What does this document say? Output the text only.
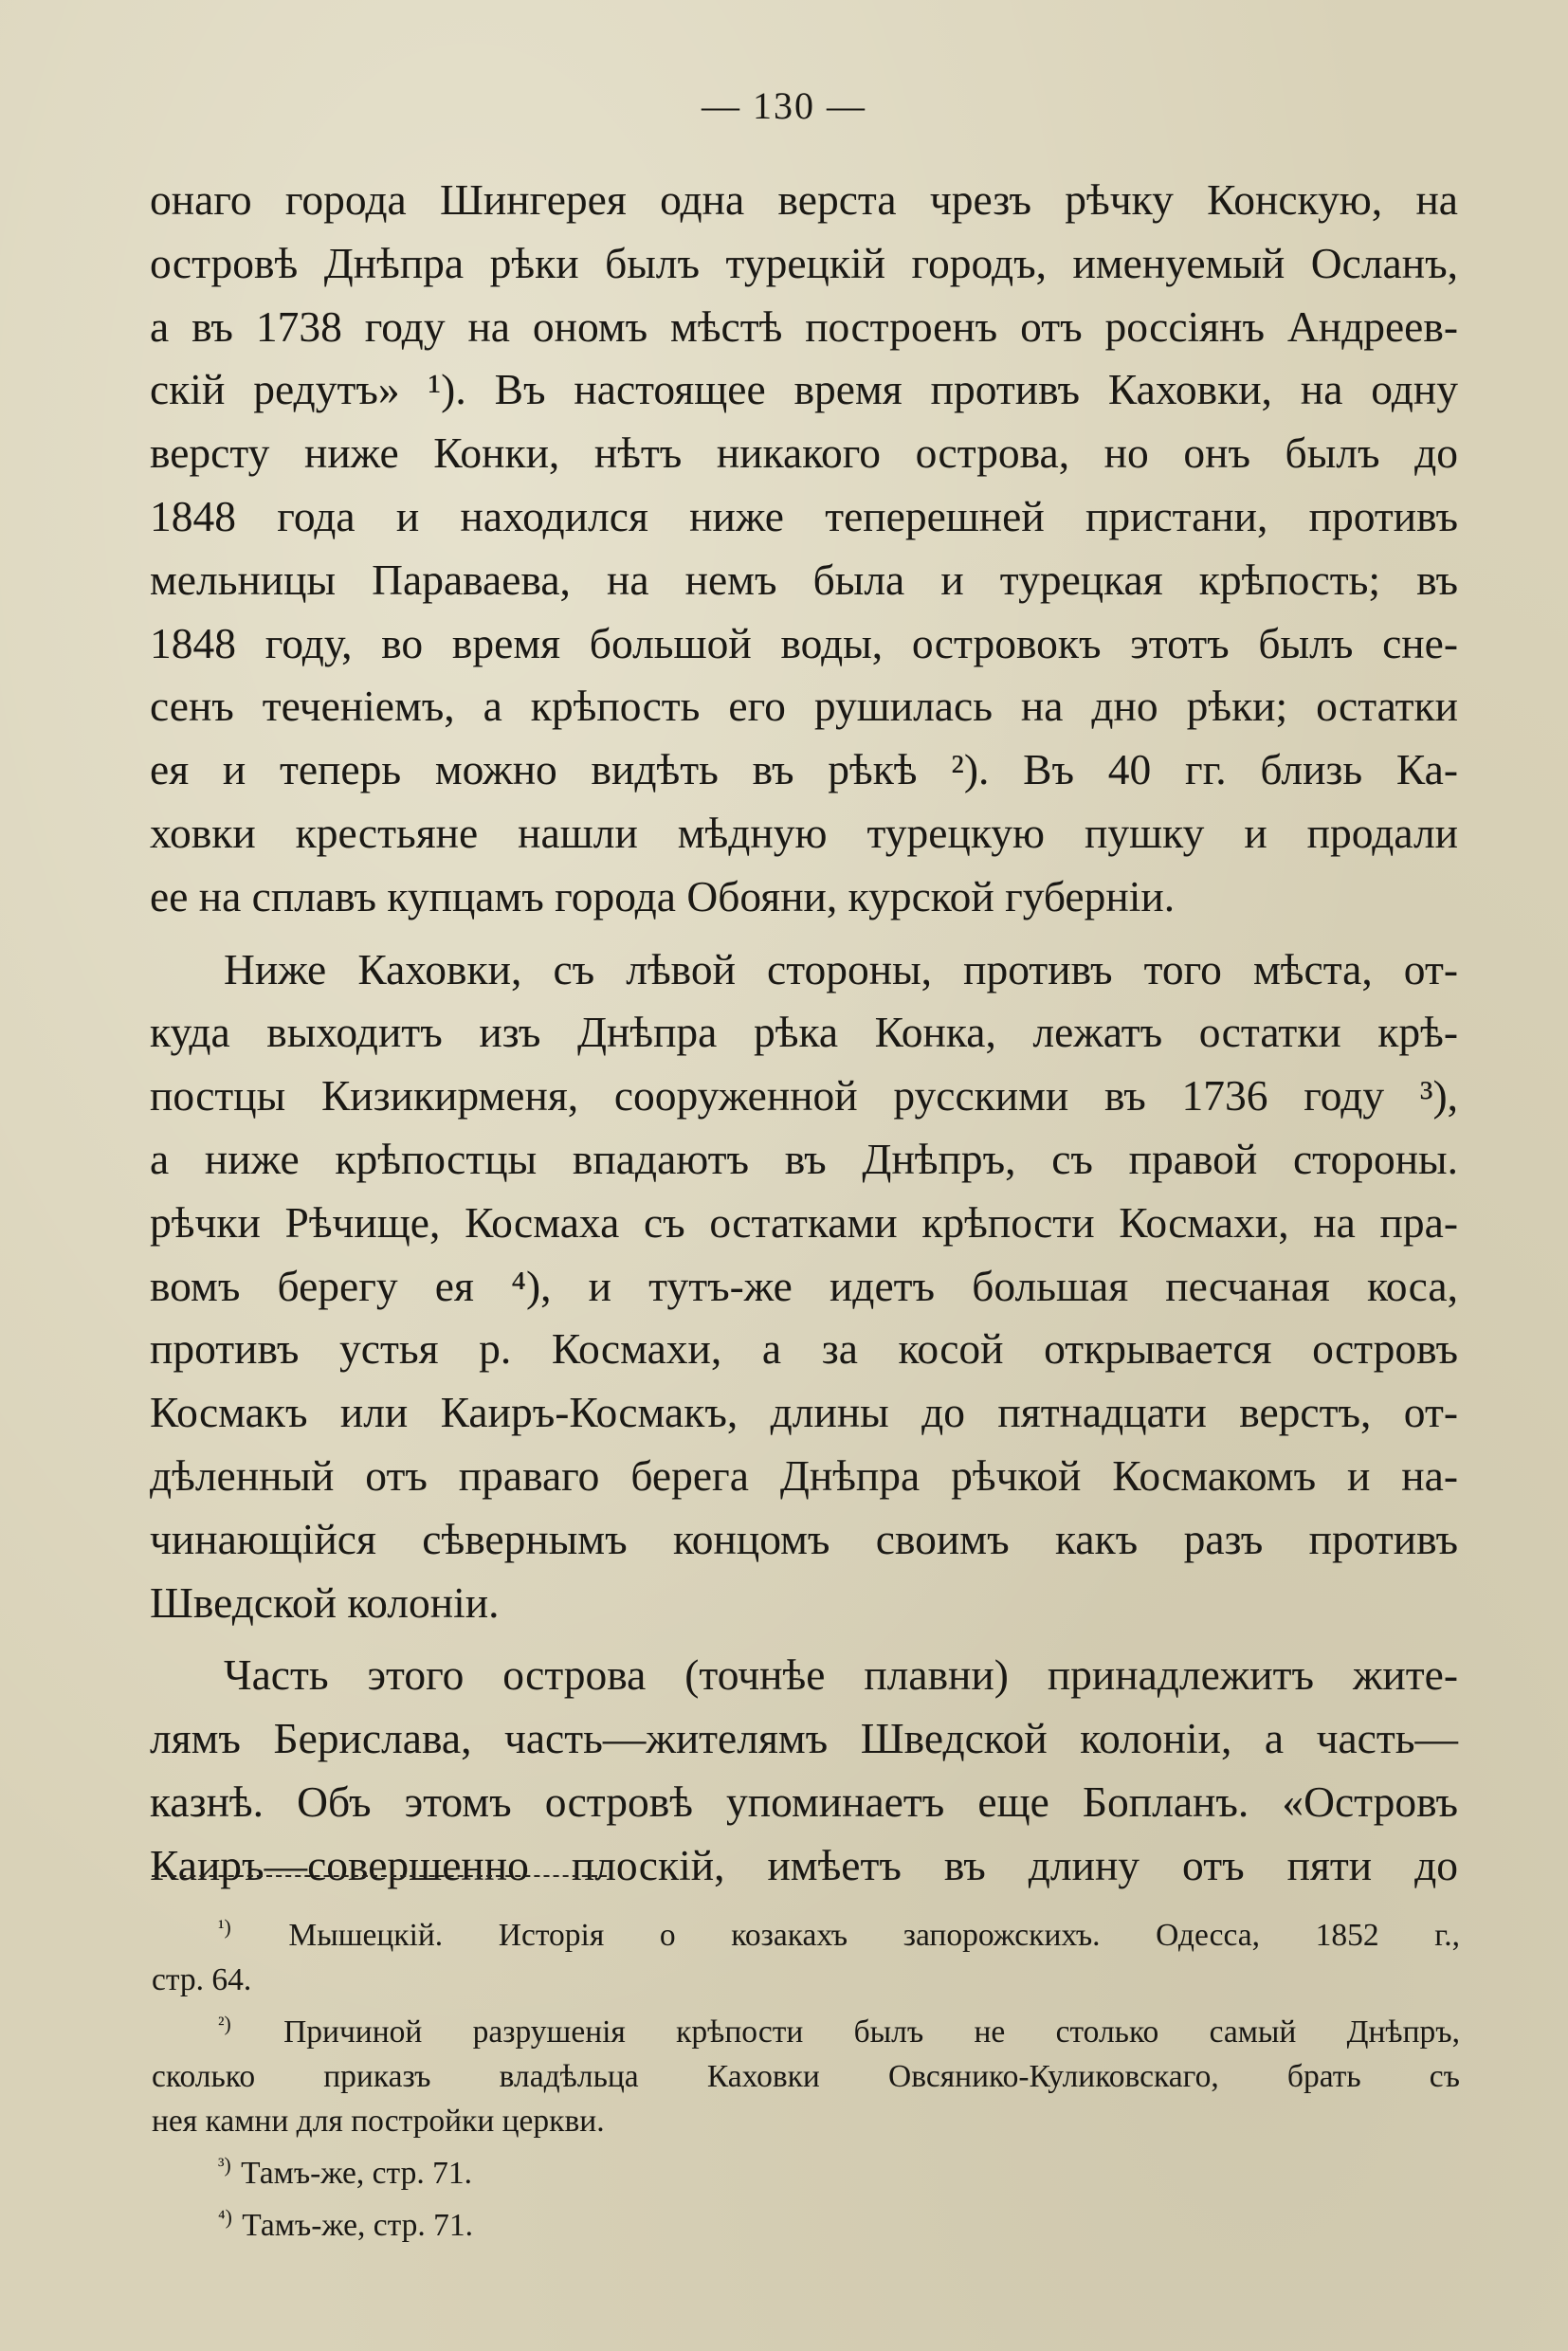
— 130 —
онаго города Шингерея одна верста чрезъ рѣчку Конскую, на
островѣ Днѣпра рѣки былъ турецкій городъ, именуемый Осланъ,
а въ 1738 году на ономъ мѣстѣ построенъ отъ россіянъ Андреев-
скій редутъ» ¹). Въ настоящее время противъ Каховки, на одну
версту ниже Конки, нѣтъ никакого острова, но онъ былъ до
1848 года и находился ниже теперешней пристани, противъ
мельницы Параваева, на немъ была и турецкая крѣпость; въ
1848 году, во время большой воды, островокъ этотъ былъ сне-
сенъ теченіемъ, а крѣпость его рушилась на дно рѣки; остатки
ея и теперь можно видѣть въ рѣкѣ ²). Въ 40 гг. близь Ка-
ховки крестьяне нашли мѣдную турецкую пушку и продали
ее на сплавъ купцамъ города Обояни, курской губерніи.
Ниже Каховки, съ лѣвой стороны, противъ того мѣста, от-
куда выходитъ изъ Днѣпра рѣка Конка, лежатъ остатки крѣ-
постцы Кизикирменя, сооруженной русскими въ 1736 году ³),
а ниже крѣпостцы впадаютъ въ Днѣпръ, съ правой стороны.
рѣчки Рѣчище, Космаха съ остатками крѣпости Космахи, на пра-
вомъ берегу ея ⁴), и тутъ-же идетъ большая песчаная коса,
противъ устья р. Космахи, а за косой открывается островъ
Космакъ или Каиръ-Космакъ, длины до пятнадцати верстъ, от-
дѣленный отъ праваго берега Днѣпра рѣчкой Космакомъ и на-
чинающійся сѣвернымъ концомъ своимъ какъ разъ противъ
Шведской колоніи.
Часть этого острова (точнѣе плавни) принадлежитъ жите-
лямъ Берислава, часть—жителямъ Шведской колоніи, а часть—
казнѣ. Объ этомъ островѣ упоминаетъ еще Бопланъ. «Островъ
Каиръ—совершенно плоскій, имѣетъ въ длину отъ пяти до
$^{^1)}$ Мышецкій. Исторія о козакахъ запорожскихъ. Одесса, 1852 г.,
стр. 64.
$^{^2)}$ Причиной разрушенія крѣпости былъ не столько самый Днѣпръ,
сколько приказъ владѣльца Каховки Овсянико-Куликовскаго, брать съ
нея камни для постройки церкви.
$^{^3)}$ Тамъ-же, стр. 71.
$^{^4)}$ Тамъ-же, стр. 71.
